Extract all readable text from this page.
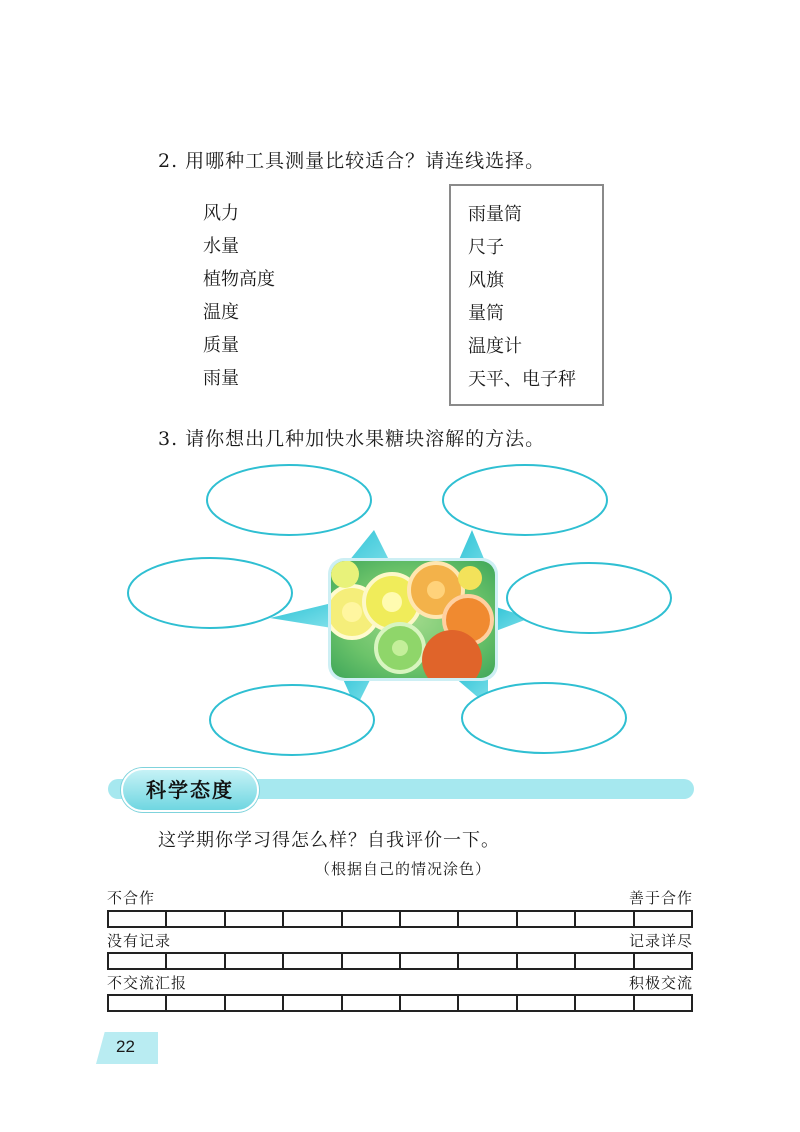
2. 用哪种工具测量比较适合？请连线选择。
风力
水量
植物高度
温度
质量
雨量
雨量筒
尺子
风旗
量筒
温度计
天平、电子秤
3. 请你想出几种加快水果糖块溶解的方法。
科学态度
这学期你学习得怎么样？自我评价一下。
（根据自己的情况涂色）
不合作	善于合作
没有记录	记录详尽
不交流汇报	积极交流
22
